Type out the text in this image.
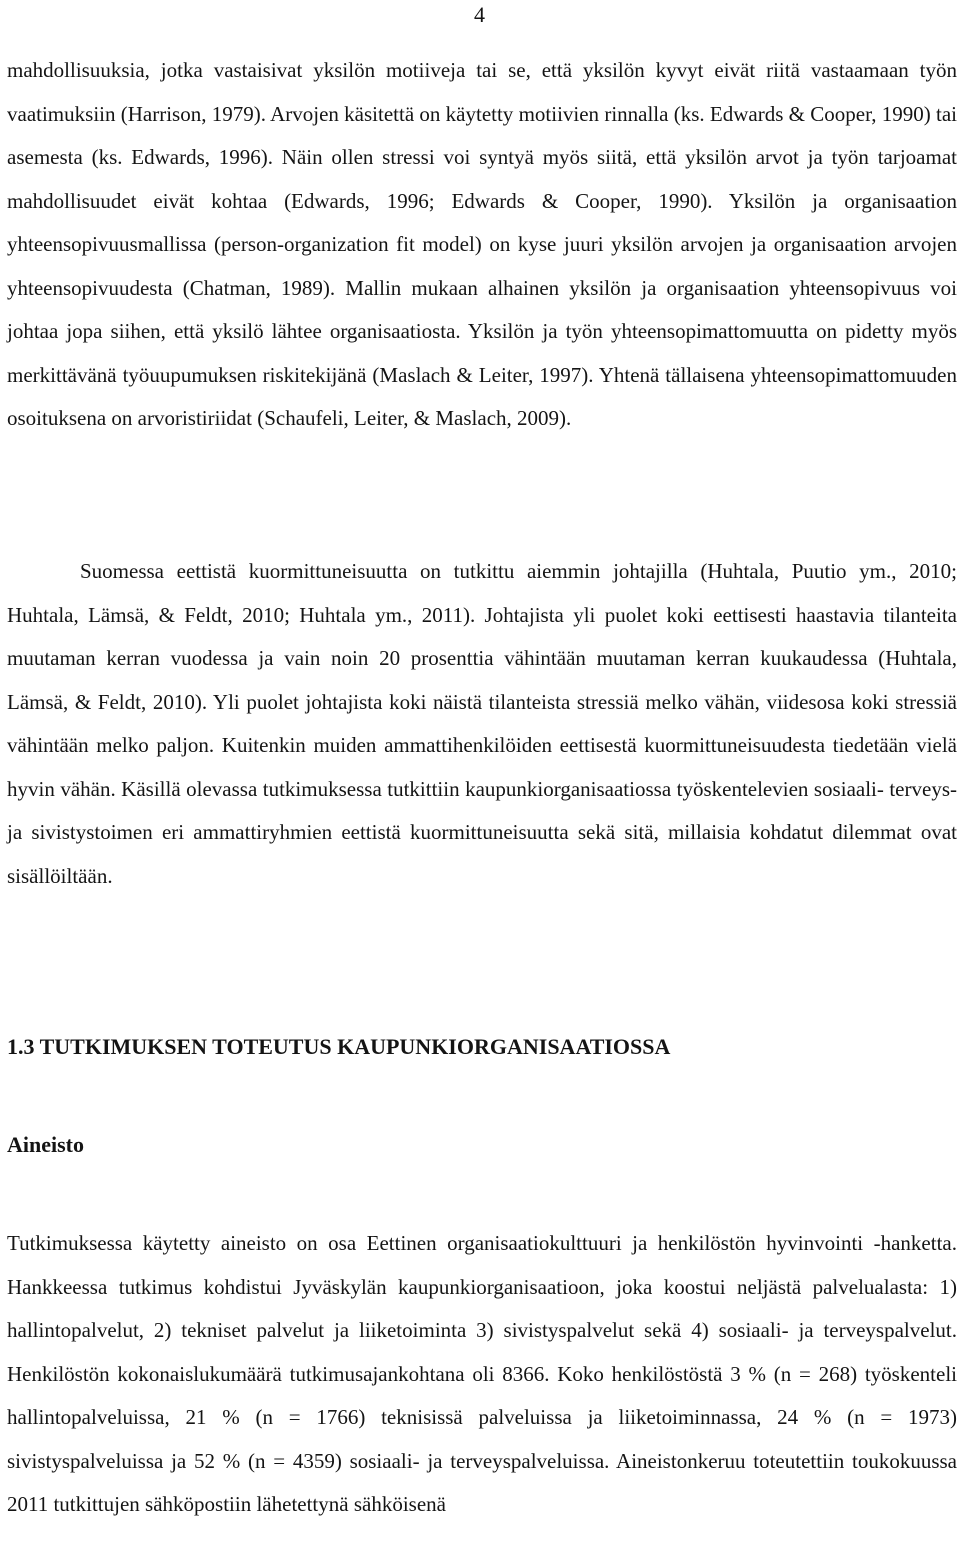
4

mahdollisuuksia, jotka vastaisivat yksilön motiiveja tai se, että yksilön kyvyt eivät riitä vastaamaan työn vaatimuksiin (Harrison, 1979). Arvojen käsitettä on käytetty motiivien rinnalla (ks. Edwards & Cooper, 1990) tai asemesta (ks. Edwards, 1996). Näin ollen stressi voi syntyä myös siitä, että yksilön arvot ja työn tarjoamat mahdollisuudet eivät kohtaa (Edwards, 1996; Edwards & Cooper, 1990). Yksilön ja organisaation yhteensopivuusmallissa (person-organization fit model) on kyse juuri yksilön arvojen ja organisaation arvojen yhteensopivuudesta (Chatman, 1989). Mallin mukaan alhainen yksilön ja organisaation yhteensopivuus voi johtaa jopa siihen, että yksilö lähtee organisaatiosta. Yksilön ja työn yhteensopimattomuutta on pidetty myös merkittävänä työuupumuksen riskitekijänä (Maslach & Leiter, 1997). Yhtenä tällaisena yhteensopimattomuuden osoituksena on arvoristiriidat (Schaufeli, Leiter, & Maslach, 2009).

Suomessa eettistä kuormittuneisuutta on tutkittu aiemmin johtajilla (Huhtala, Puutio ym., 2010; Huhtala, Lämsä, & Feldt, 2010; Huhtala ym., 2011). Johtajista yli puolet koki eettisesti haastavia tilanteita muutaman kerran vuodessa ja vain noin 20 prosenttia vähintään muutaman kerran kuukaudessa (Huhtala, Lämsä, & Feldt, 2010). Yli puolet johtajista koki näistä tilanteista stressiä melko vähän, viidesosa koki stressiä vähintään melko paljon. Kuitenkin muiden ammattihenkilöiden eettisestä kuormittuneisuudesta tiedetään vielä hyvin vähän. Käsillä olevassa tutkimuksessa tutkittiin kaupunkiorganisaatiossa työskentelevien sosiaali- terveys- ja sivistystoimen eri ammattiryhmien eettistä kuormittuneisuutta sekä sitä, millaisia kohdatut dilemmat ovat sisällöiltään.

1.3 TUTKIMUKSEN TOTEUTUS KAUPUNKIORGANISAATIOSSA
Aineisto

Tutkimuksessa käytetty aineisto on osa Eettinen organisaatiokulttuuri ja henkilöstön hyvinvointi -hanketta. Hankkeessa tutkimus kohdistui Jyväskylän kaupunkiorganisaatioon, joka koostui neljästä palvelualasta: 1) hallintopalvelut, 2) tekniset palvelut ja liiketoiminta 3) sivistyspalvelut sekä 4) sosiaali- ja terveyspalvelut. Henkilöstön kokonaislukumäärä tutkimusajankohtana oli 8366. Koko henkilöstöstä 3 % (n = 268) työskenteli hallintopalveluissa, 21 % (n = 1766) teknisissä palveluissa ja liiketoiminnassa, 24 % (n = 1973) sivistyspalveluissa ja 52 % (n = 4359) sosiaali- ja terveyspalveluissa. Aineistonkeruu toteutettiin toukokuussa 2011 tutkittujen sähköpostiin lähetettynä sähköisenä
